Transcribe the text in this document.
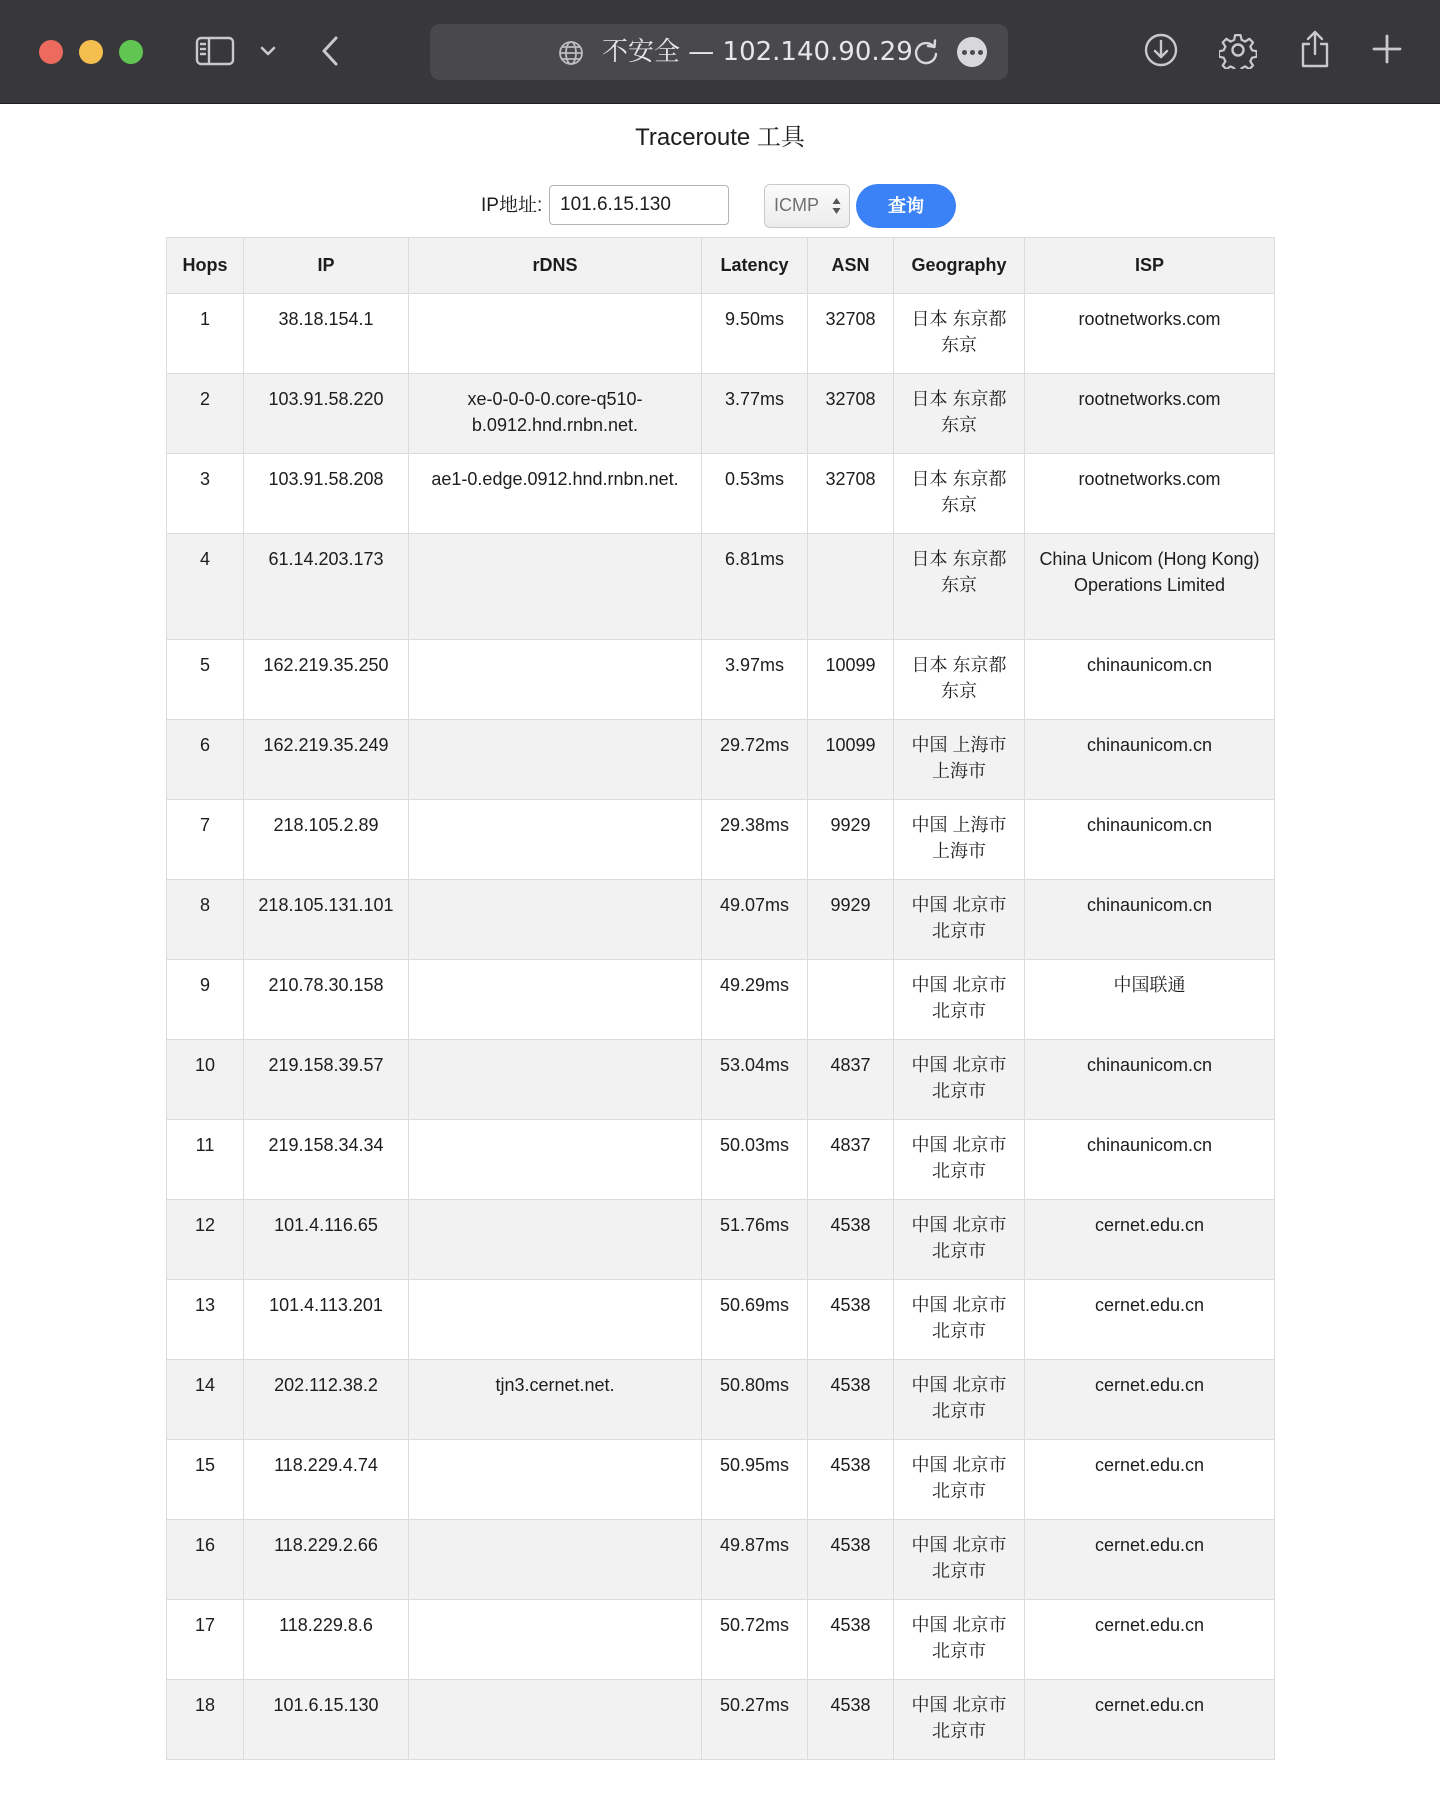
不安全 — 102.140.90.29
Traceroute 工具
IP地址:
101.6.15.130	ICMP	查询
Hops	IP	rDNS	Latency	ASN	Geography	ISP
1	38.18.154.1		9.50ms	32708	日本 东京都 东京	rootnetworks.com
2	103.91.58.220	xe-0-0-0-0.core-q510-b.0912.hnd.rnbn.net.	3.77ms	32708	日本 东京都 东京	rootnetworks.com
3	103.91.58.208	ae1-0.edge.0912.hnd.rnbn.net.	0.53ms	32708	日本 东京都 东京	rootnetworks.com
4	61.14.203.173		6.81ms		日本 东京都 东京	China Unicom (Hong Kong) Operations Limited
5	162.219.35.250		3.97ms	10099	日本 东京都 东京	chinaunicom.cn
6	162.219.35.249		29.72ms	10099	中国 上海市 上海市	chinaunicom.cn
7	218.105.2.89		29.38ms	9929	中国 上海市 上海市	chinaunicom.cn
8	218.105.131.101		49.07ms	9929	中国 北京市 北京市	chinaunicom.cn
9	210.78.30.158		49.29ms		中国 北京市 北京市	中国联通
10	219.158.39.57		53.04ms	4837	中国 北京市 北京市	chinaunicom.cn
11	219.158.34.34		50.03ms	4837	中国 北京市 北京市	chinaunicom.cn
12	101.4.116.65		51.76ms	4538	中国 北京市 北京市	cernet.edu.cn
13	101.4.113.201		50.69ms	4538	中国 北京市 北京市	cernet.edu.cn
14	202.112.38.2	tjn3.cernet.net.	50.80ms	4538	中国 北京市 北京市	cernet.edu.cn
15	118.229.4.74		50.95ms	4538	中国 北京市 北京市	cernet.edu.cn
16	118.229.2.66		49.87ms	4538	中国 北京市 北京市	cernet.edu.cn
17	118.229.8.6		50.72ms	4538	中国 北京市 北京市	cernet.edu.cn
18	101.6.15.130		50.27ms	4538	中国 北京市 北京市	cernet.edu.cn
